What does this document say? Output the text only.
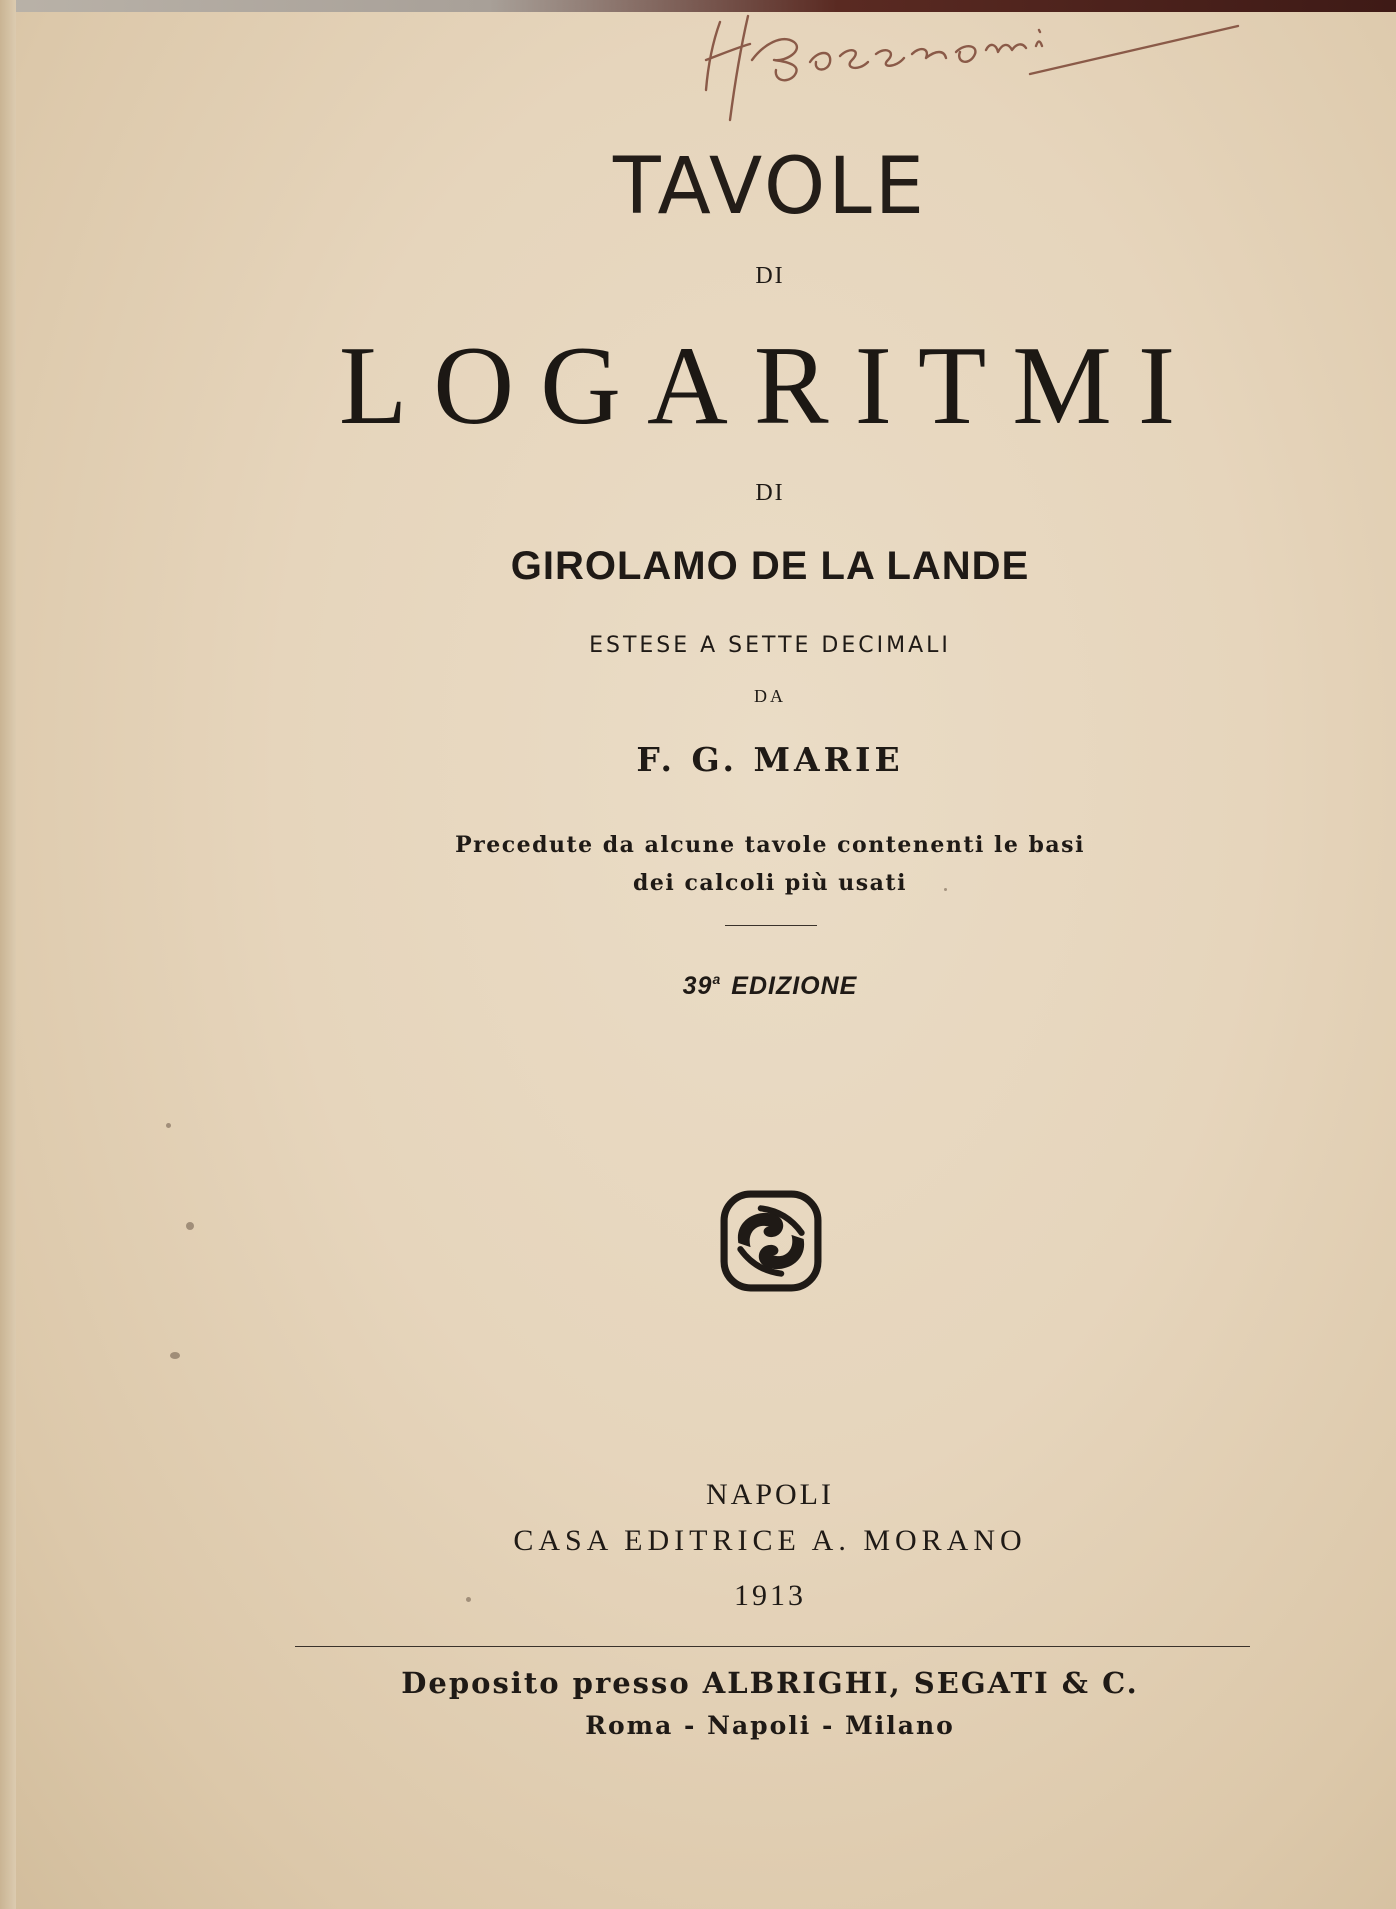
TAVOLE
DI
LOGARITMI
DI
GIROLAMO DE LA LANDE
ESTESE A SETTE DECIMALI
DA
F. G. MARIE
Precedute da alcune tavole contenenti le basi
dei calcoli più usati
39$^a$ EDIZIONE
NAPOLI
CASA EDITRICE A. MORANO
1913
Deposito presso ALBRIGHI, SEGATI & C.
Roma - Napoli - Milano
